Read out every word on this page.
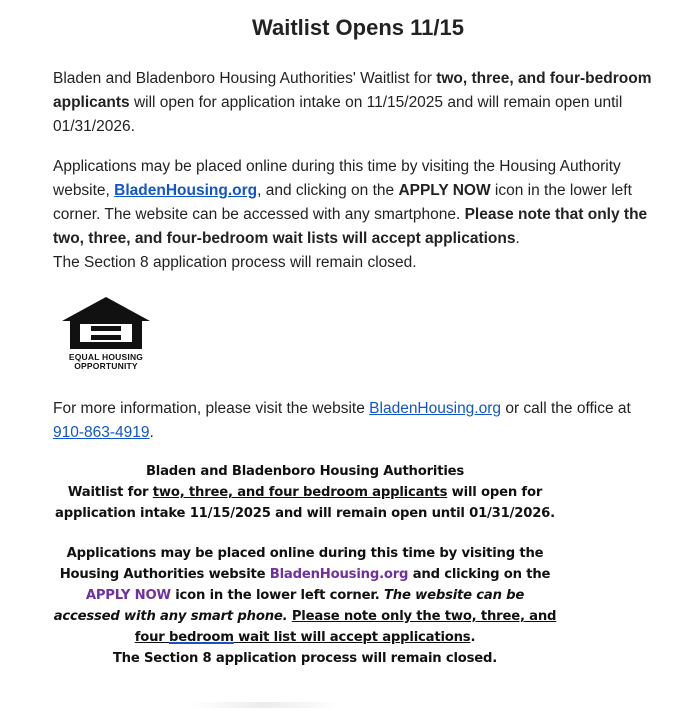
Waitlist Opens 11/15

Bladen and Bladenboro Housing Authorities' Waitlist for two, three, and four-bedroom applicants will open for application intake on 11/15/2025 and will remain open until 01/31/2026.

Applications may be placed online during this time by visiting the Housing Authority website, BladenHousing.org, and clicking on the APPLY NOW icon in the lower left corner. The website can be accessed with any smartphone. Please note that only the two, three, and four-bedroom wait lists will accept applications.
The Section 8 application process will remain closed.

EQUAL HOUSING
OPPORTUNITY

For more information, please visit the website BladenHousing.org or call the office at 910-863-4919.

Bladen and Bladenboro Housing Authorities
Waitlist for two, three, and four bedroom applicants will open for
application intake 11/15/2025 and will remain open until 01/31/2026.
Applications may be placed online during this time by visiting the
Housing Authorities website BladenHousing.org and clicking on the
APPLY NOW icon in the lower left corner. The website can be
accessed with any smart phone. Please note only the two, three, and
four bedroom wait list will accept applications.
The Section 8 application process will remain closed.
